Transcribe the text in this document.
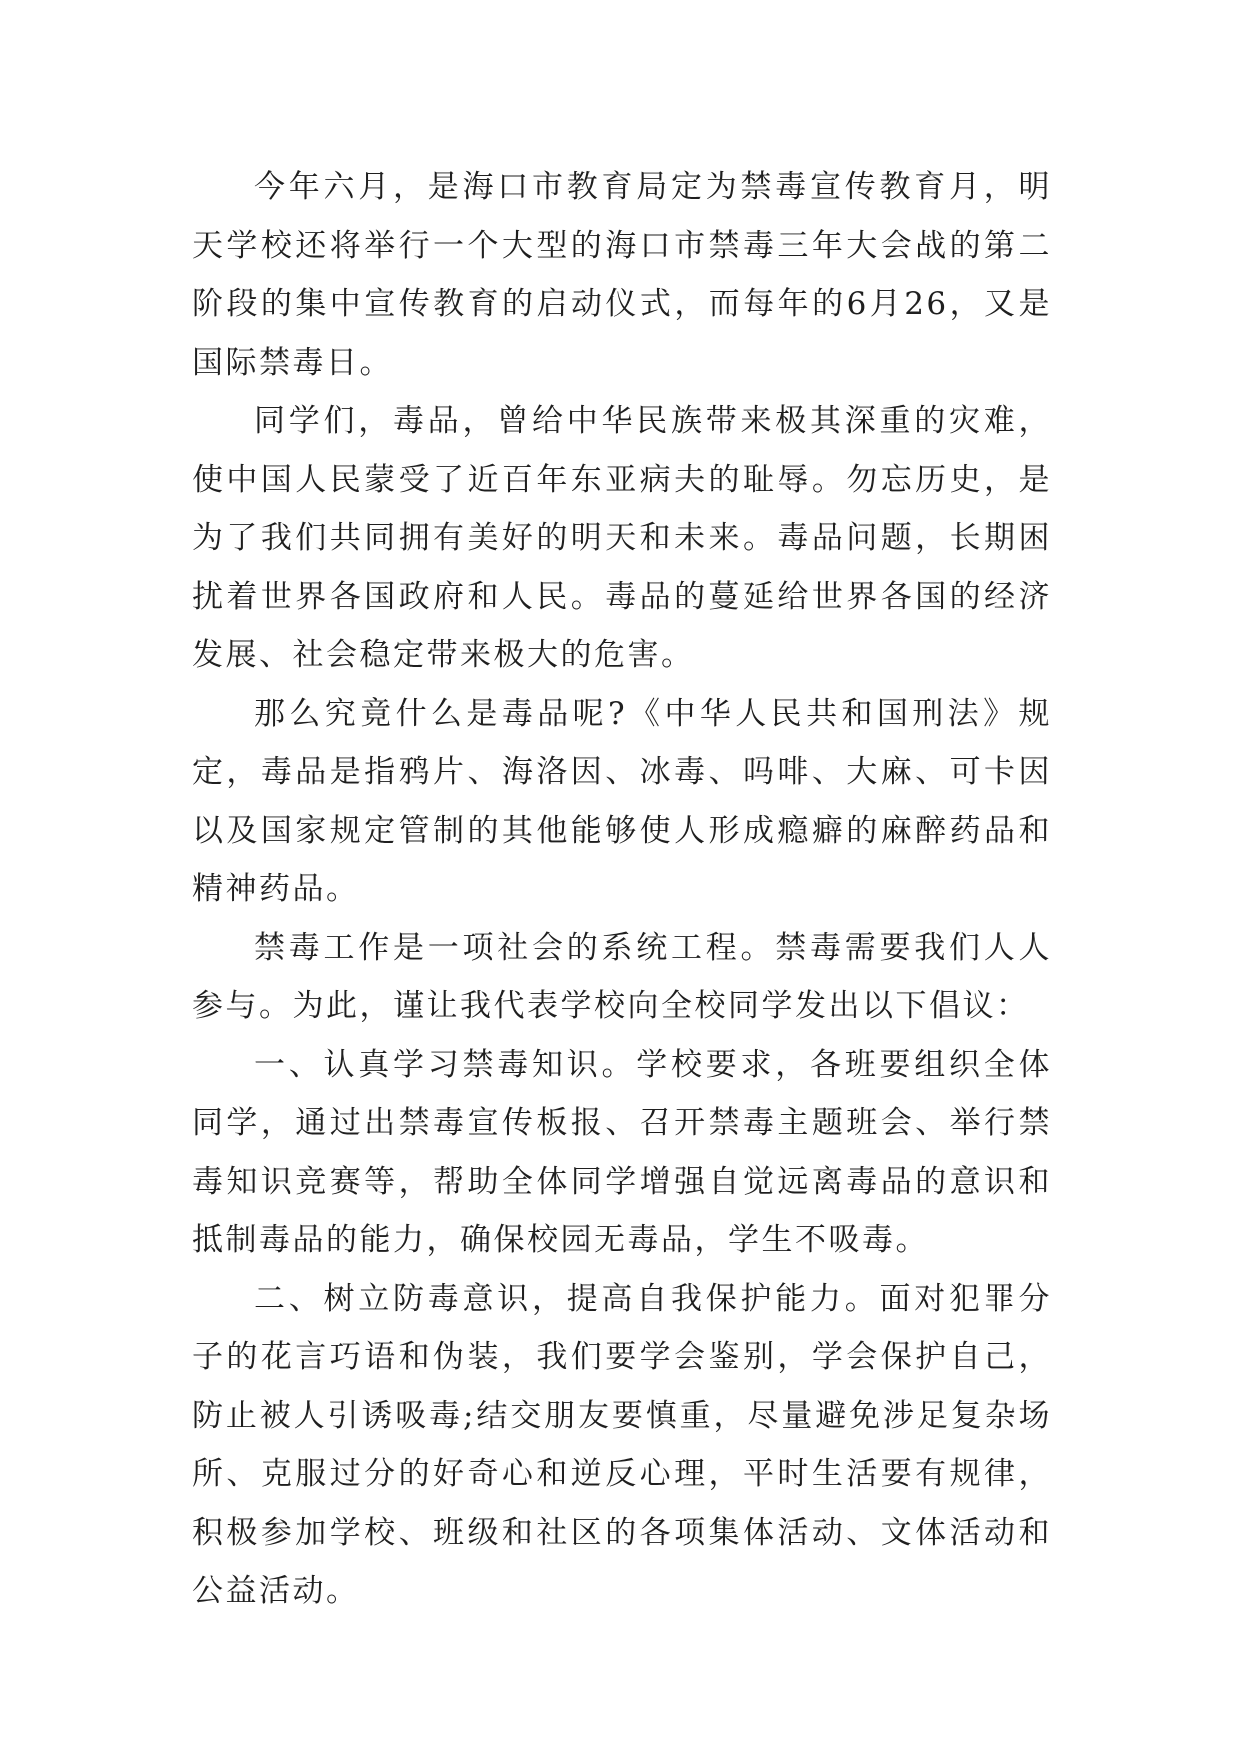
今年六月，是海口市教育局定为禁毒宣传教育月，明天学校还将举行一个大型的海口市禁毒三年大会战的第二阶段的集中宣传教育的启动仪式，而每年的6月26，又是国际禁毒日。

同学们，毒品，曾给中华民族带来极其深重的灾难，使中国人民蒙受了近百年东亚病夫的耻辱。勿忘历史，是为了我们共同拥有美好的明天和未来。毒品问题，长期困扰着世界各国政府和人民。毒品的蔓延给世界各国的经济发展、社会稳定带来极大的危害。

那么究竟什么是毒品呢?《中华人民共和国刑法》规定，毒品是指鸦片、海洛因、冰毒、吗啡、大麻、可卡因以及国家规定管制的其他能够使人形成瘾癖的麻醉药品和精神药品。

禁毒工作是一项社会的系统工程。禁毒需要我们人人参与。为此，谨让我代表学校向全校同学发出以下倡议：

一、认真学习禁毒知识。学校要求，各班要组织全体同学，通过出禁毒宣传板报、召开禁毒主题班会、举行禁毒知识竞赛等，帮助全体同学增强自觉远离毒品的意识和抵制毒品的能力，确保校园无毒品，学生不吸毒。

二、树立防毒意识，提高自我保护能力。面对犯罪分子的花言巧语和伪装，我们要学会鉴别，学会保护自己，防止被人引诱吸毒;结交朋友要慎重，尽量避免涉足复杂场所、克服过分的好奇心和逆反心理，平时生活要有规律，积极参加学校、班级和社区的各项集体活动、文体活动和公益活动。
